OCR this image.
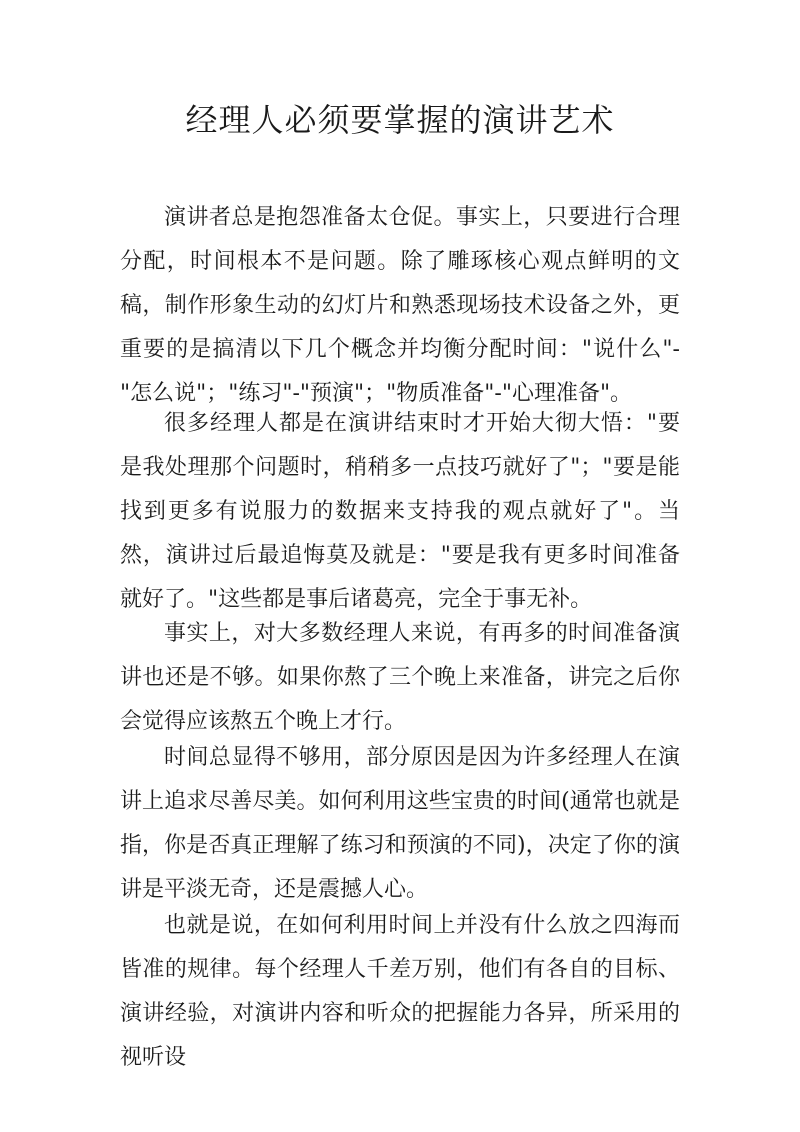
经理人必须要掌握的演讲艺术

演讲者总是抱怨准备太仓促。事实上，只要进行合理分配，时间根本不是问题。除了雕琢核心观点鲜明的文稿，制作形象生动的幻灯片和熟悉现场技术设备之外，更重要的是搞清以下几个概念并均衡分配时间："说什么"-"怎么说"；"练习"-"预演"；"物质准备"-"心理准备"。

很多经理人都是在演讲结束时才开始大彻大悟："要是我处理那个问题时，稍稍多一点技巧就好了"；"要是能找到更多有说服力的数据来支持我的观点就好了"。当然，演讲过后最追悔莫及就是："要是我有更多时间准备就好了。"这些都是事后诸葛亮，完全于事无补。

事实上，对大多数经理人来说，有再多的时间准备演讲也还是不够。如果你熬了三个晚上来准备，讲完之后你会觉得应该熬五个晚上才行。

时间总显得不够用，部分原因是因为许多经理人在演讲上追求尽善尽美。如何利用这些宝贵的时间(通常也就是指，你是否真正理解了练习和预演的不同)，决定了你的演讲是平淡无奇，还是震撼人心。

也就是说，在如何利用时间上并没有什么放之四海而皆准的规律。每个经理人千差万别，他们有各自的目标、演讲经验，对演讲内容和听众的把握能力各异，所采用的视听设
